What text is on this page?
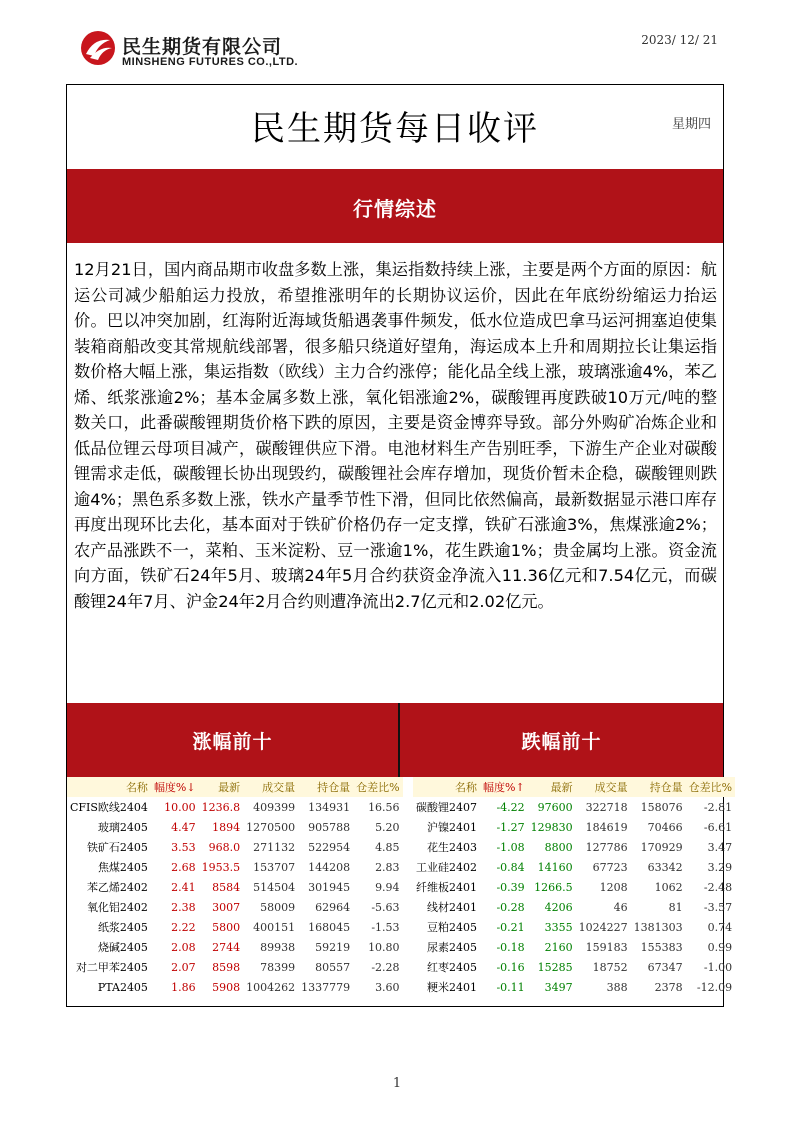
民生期货有限公司
MINSHENG FUTURES CO.,LTD.
2023/ 12/ 21
民生期货每日收评	星期四
行情综述
12月21日，国内商品期市收盘多数上涨，集运指数持续上涨，主要是两个方面的原因：航运公司减少船舶运力投放，希望推涨明年的长期协议运价，因此在年底纷纷缩运力抬运价。巴以冲突加剧，红海附近海域货船遇袭事件频发，低水位造成巴拿马运河拥塞迫使集装箱商船改变其常规航线部署，很多船只绕道好望角，海运成本上升和周期拉长让集运指数价格大幅上涨，集运指数（欧线）主力合约涨停；能化品全线上涨，玻璃涨逾4%，苯乙烯、纸浆涨逾2%；基本金属多数上涨，氧化铝涨逾2%，碳酸锂再度跌破10万元/吨的整数关口，此番碳酸锂期货价格下跌的原因，主要是资金博弈导致。部分外购矿冶炼企业和低品位锂云母项目减产，碳酸锂供应下滑。电池材料生产告别旺季，下游生产企业对碳酸锂需求走低，碳酸锂长协出现毁约，碳酸锂社会库存增加，现货价暂未企稳，碳酸锂则跌逾4%；黑色系多数上涨，铁水产量季节性下滑，但同比依然偏高，最新数据显示港口库存再度出现环比去化，基本面对于铁矿价格仍存一定支撑，铁矿石涨逾3%，焦煤涨逾2%；农产品涨跌不一，菜粕、玉米淀粉、豆一涨逾1%，花生跌逾1%；贵金属均上涨。资金流向方面，铁矿石24年5月、玻璃24年5月合约获资金净流入11.36亿元和7.54亿元，而碳酸锂24年7月、沪金24年2月合约则遭净流出2.7亿元和2.02亿元。
涨幅前十	跌幅前十
名称	幅度%↓	最新	成交量	持仓量	仓差比%
CFIS欧线2404	10.00	1236.8	409399	134931	16.56
玻璃2405	4.47	1894	1270500	905788	5.20
铁矿石2405	3.53	968.0	271132	522954	4.85
焦煤2405	2.68	1953.5	153707	144208	2.83
苯乙烯2402	2.41	8584	514504	301945	9.94
氧化铝2402	2.38	3007	58009	62964	-5.63
纸浆2405	2.22	5800	400151	168045	-1.53
烧碱2405	2.08	2744	89938	59219	10.80
对二甲苯2405	2.07	8598	78399	80557	-2.28
PTA2405	1.86	5908	1004262	1337779	3.60
名称	幅度%↑	最新	成交量	持仓量	仓差比%
碳酸锂2407	-4.22	97600	322718	158076	-2.81
沪镍2401	-1.27	129830	184619	70466	-6.61
花生2403	-1.08	8800	127786	170929	3.47
工业硅2402	-0.84	14160	67723	63342	3.29
纤维板2401	-0.39	1266.5	1208	1062	-2.48
线材2401	-0.28	4206	46	81	-3.57
豆粕2405	-0.21	3355	1024227	1381303	0.74
尿素2405	-0.18	2160	159183	155383	0.99
红枣2405	-0.16	15285	18752	67347	-1.00
粳米2401	-0.11	3497	388	2378	-12.09
1
